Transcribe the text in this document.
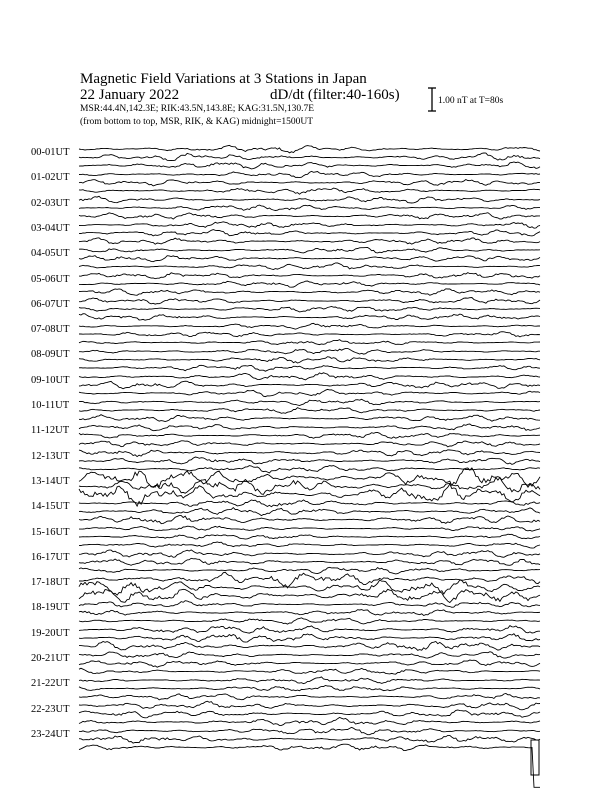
Magnetic Field Variations at 3 Stations in Japan
22 January 2022	dD/dt (filter:40-160s)
MSR:44.4N,142.3E; RIK:43.5N,143.8E; KAG:31.5N,130.7E
(from bottom to top, MSR, RIK, & KAG) midnight=1500UT
1.00 nT at T=80s
00-01UT
01-02UT
02-03UT
03-04UT
04-05UT
05-06UT
06-07UT
07-08UT
08-09UT
09-10UT
10-11UT
11-12UT
12-13UT
13-14UT
14-15UT
15-16UT
16-17UT
17-18UT
18-19UT
19-20UT
20-21UT
21-22UT
22-23UT
23-24UT
